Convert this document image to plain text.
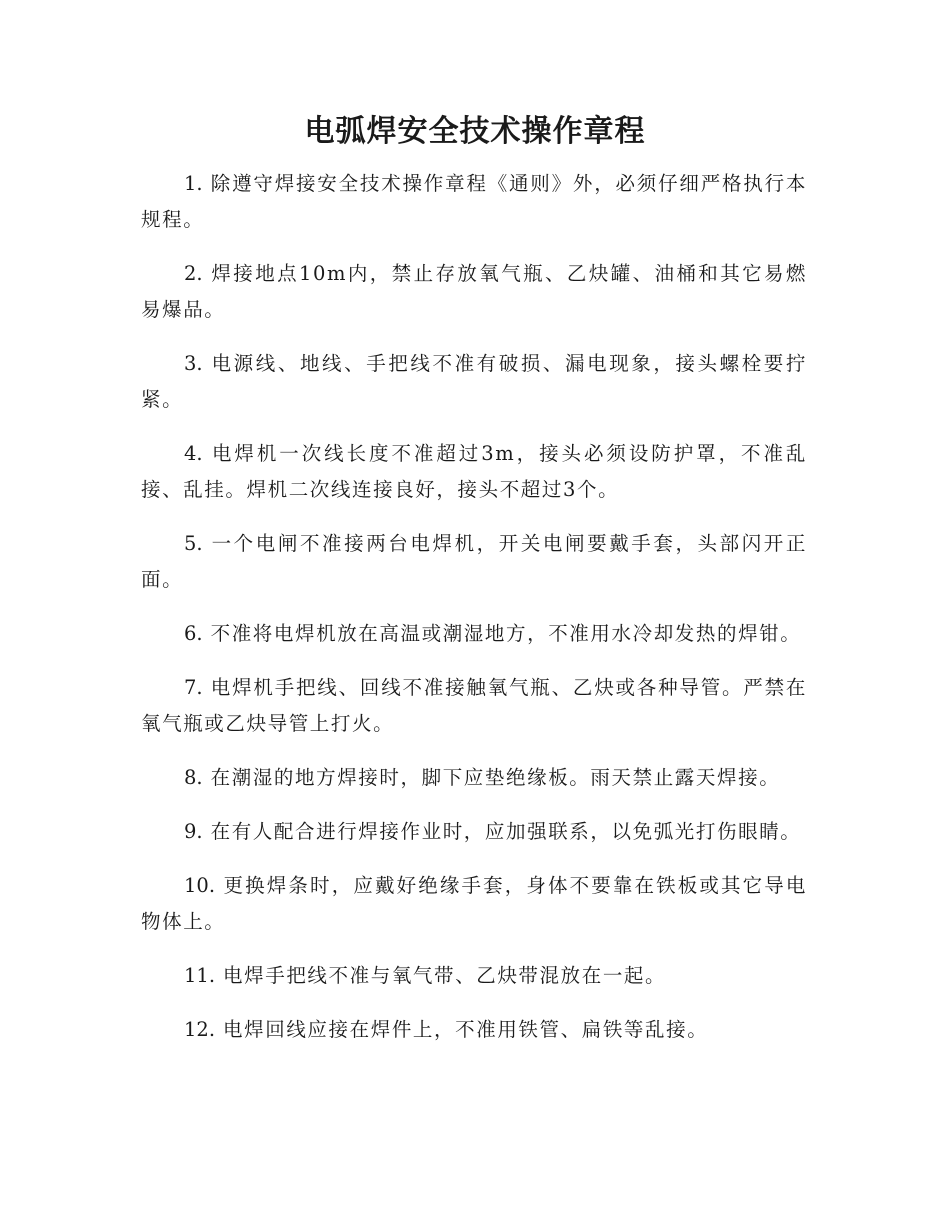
电弧焊安全技术操作章程
1. 除遵守焊接安全技术操作章程《通则》外，必须仔细严格执行本规程。
2. 焊接地点10m内，禁止存放氧气瓶、乙炔罐、油桶和其它易燃易爆品。
3. 电源线、地线、手把线不准有破损、漏电现象，接头螺栓要拧紧。
4. 电焊机一次线长度不准超过3m，接头必须设防护罩，不准乱接、乱挂。焊机二次线连接良好，接头不超过3个。
5. 一个电闸不准接两台电焊机，开关电闸要戴手套，头部闪开正面。
6. 不准将电焊机放在高温或潮湿地方，不准用水冷却发热的焊钳。
7. 电焊机手把线、回线不准接触氧气瓶、乙炔或各种导管。严禁在氧气瓶或乙炔导管上打火。
8. 在潮湿的地方焊接时，脚下应垫绝缘板。雨天禁止露天焊接。
9. 在有人配合进行焊接作业时，应加强联系，以免弧光打伤眼睛。
10. 更换焊条时，应戴好绝缘手套，身体不要靠在铁板或其它导电物体上。
11. 电焊手把线不准与氧气带、乙炔带混放在一起。
12. 电焊回线应接在焊件上，不准用铁管、扁铁等乱接。
